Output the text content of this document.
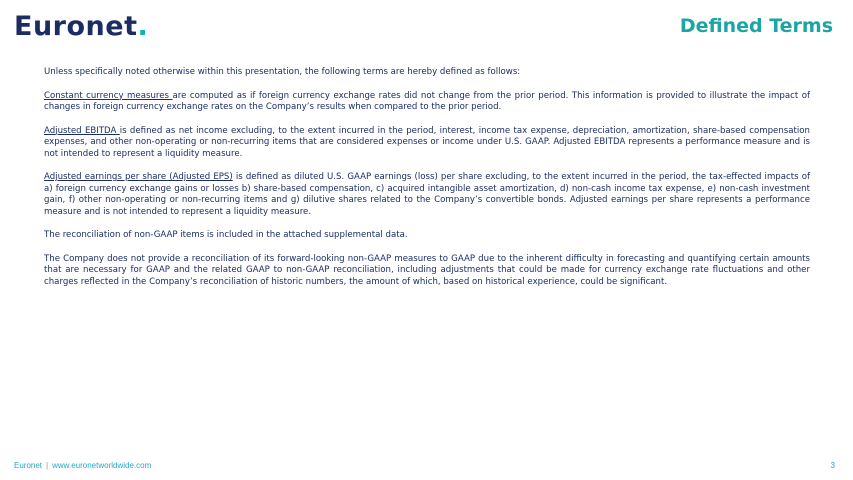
Euronet.	Defined Terms

Unless specifically noted otherwise within this presentation, the following terms are hereby defined as follows:

Constant currency measures are computed as if foreign currency exchange rates did not change from the prior period. This information is provided to illustrate the impact of changes in foreign currency exchange rates on the Company’s results when compared to the prior period.

Adjusted EBITDA is defined as net income excluding, to the extent incurred in the period, interest, income tax expense, depreciation, amortization, share-based compensation expenses, and other non-operating or non-recurring items that are considered expenses or income under U.S. GAAP. Adjusted EBITDA represents a performance measure and is not intended to represent a liquidity measure.

Adjusted earnings per share (Adjusted EPS) is defined as diluted U.S. GAAP earnings (loss) per share excluding, to the extent incurred in the period, the tax-effected impacts of a) foreign currency exchange gains or losses b) share-based compensation, c) acquired intangible asset amortization, d) non-cash income tax expense, e) non-cash investment gain, f) other non-operating or non-recurring items and g) dilutive shares related to the Company’s convertible bonds. Adjusted earnings per share represents a performance measure and is not intended to represent a liquidity measure.

The reconciliation of non-GAAP items is included in the attached supplemental data.

The Company does not provide a reconciliation of its forward-looking non-GAAP measures to GAAP due to the inherent difficulty in forecasting and quantifying certain amounts that are necessary for GAAP and the related GAAP to non-GAAP reconciliation, including adjustments that could be made for currency exchange rate fluctuations and other charges reflected in the Company’s reconciliation of historic numbers, the amount of which, based on historical experience, could be significant.

Euronet | www.euronetworldwide.com	3
